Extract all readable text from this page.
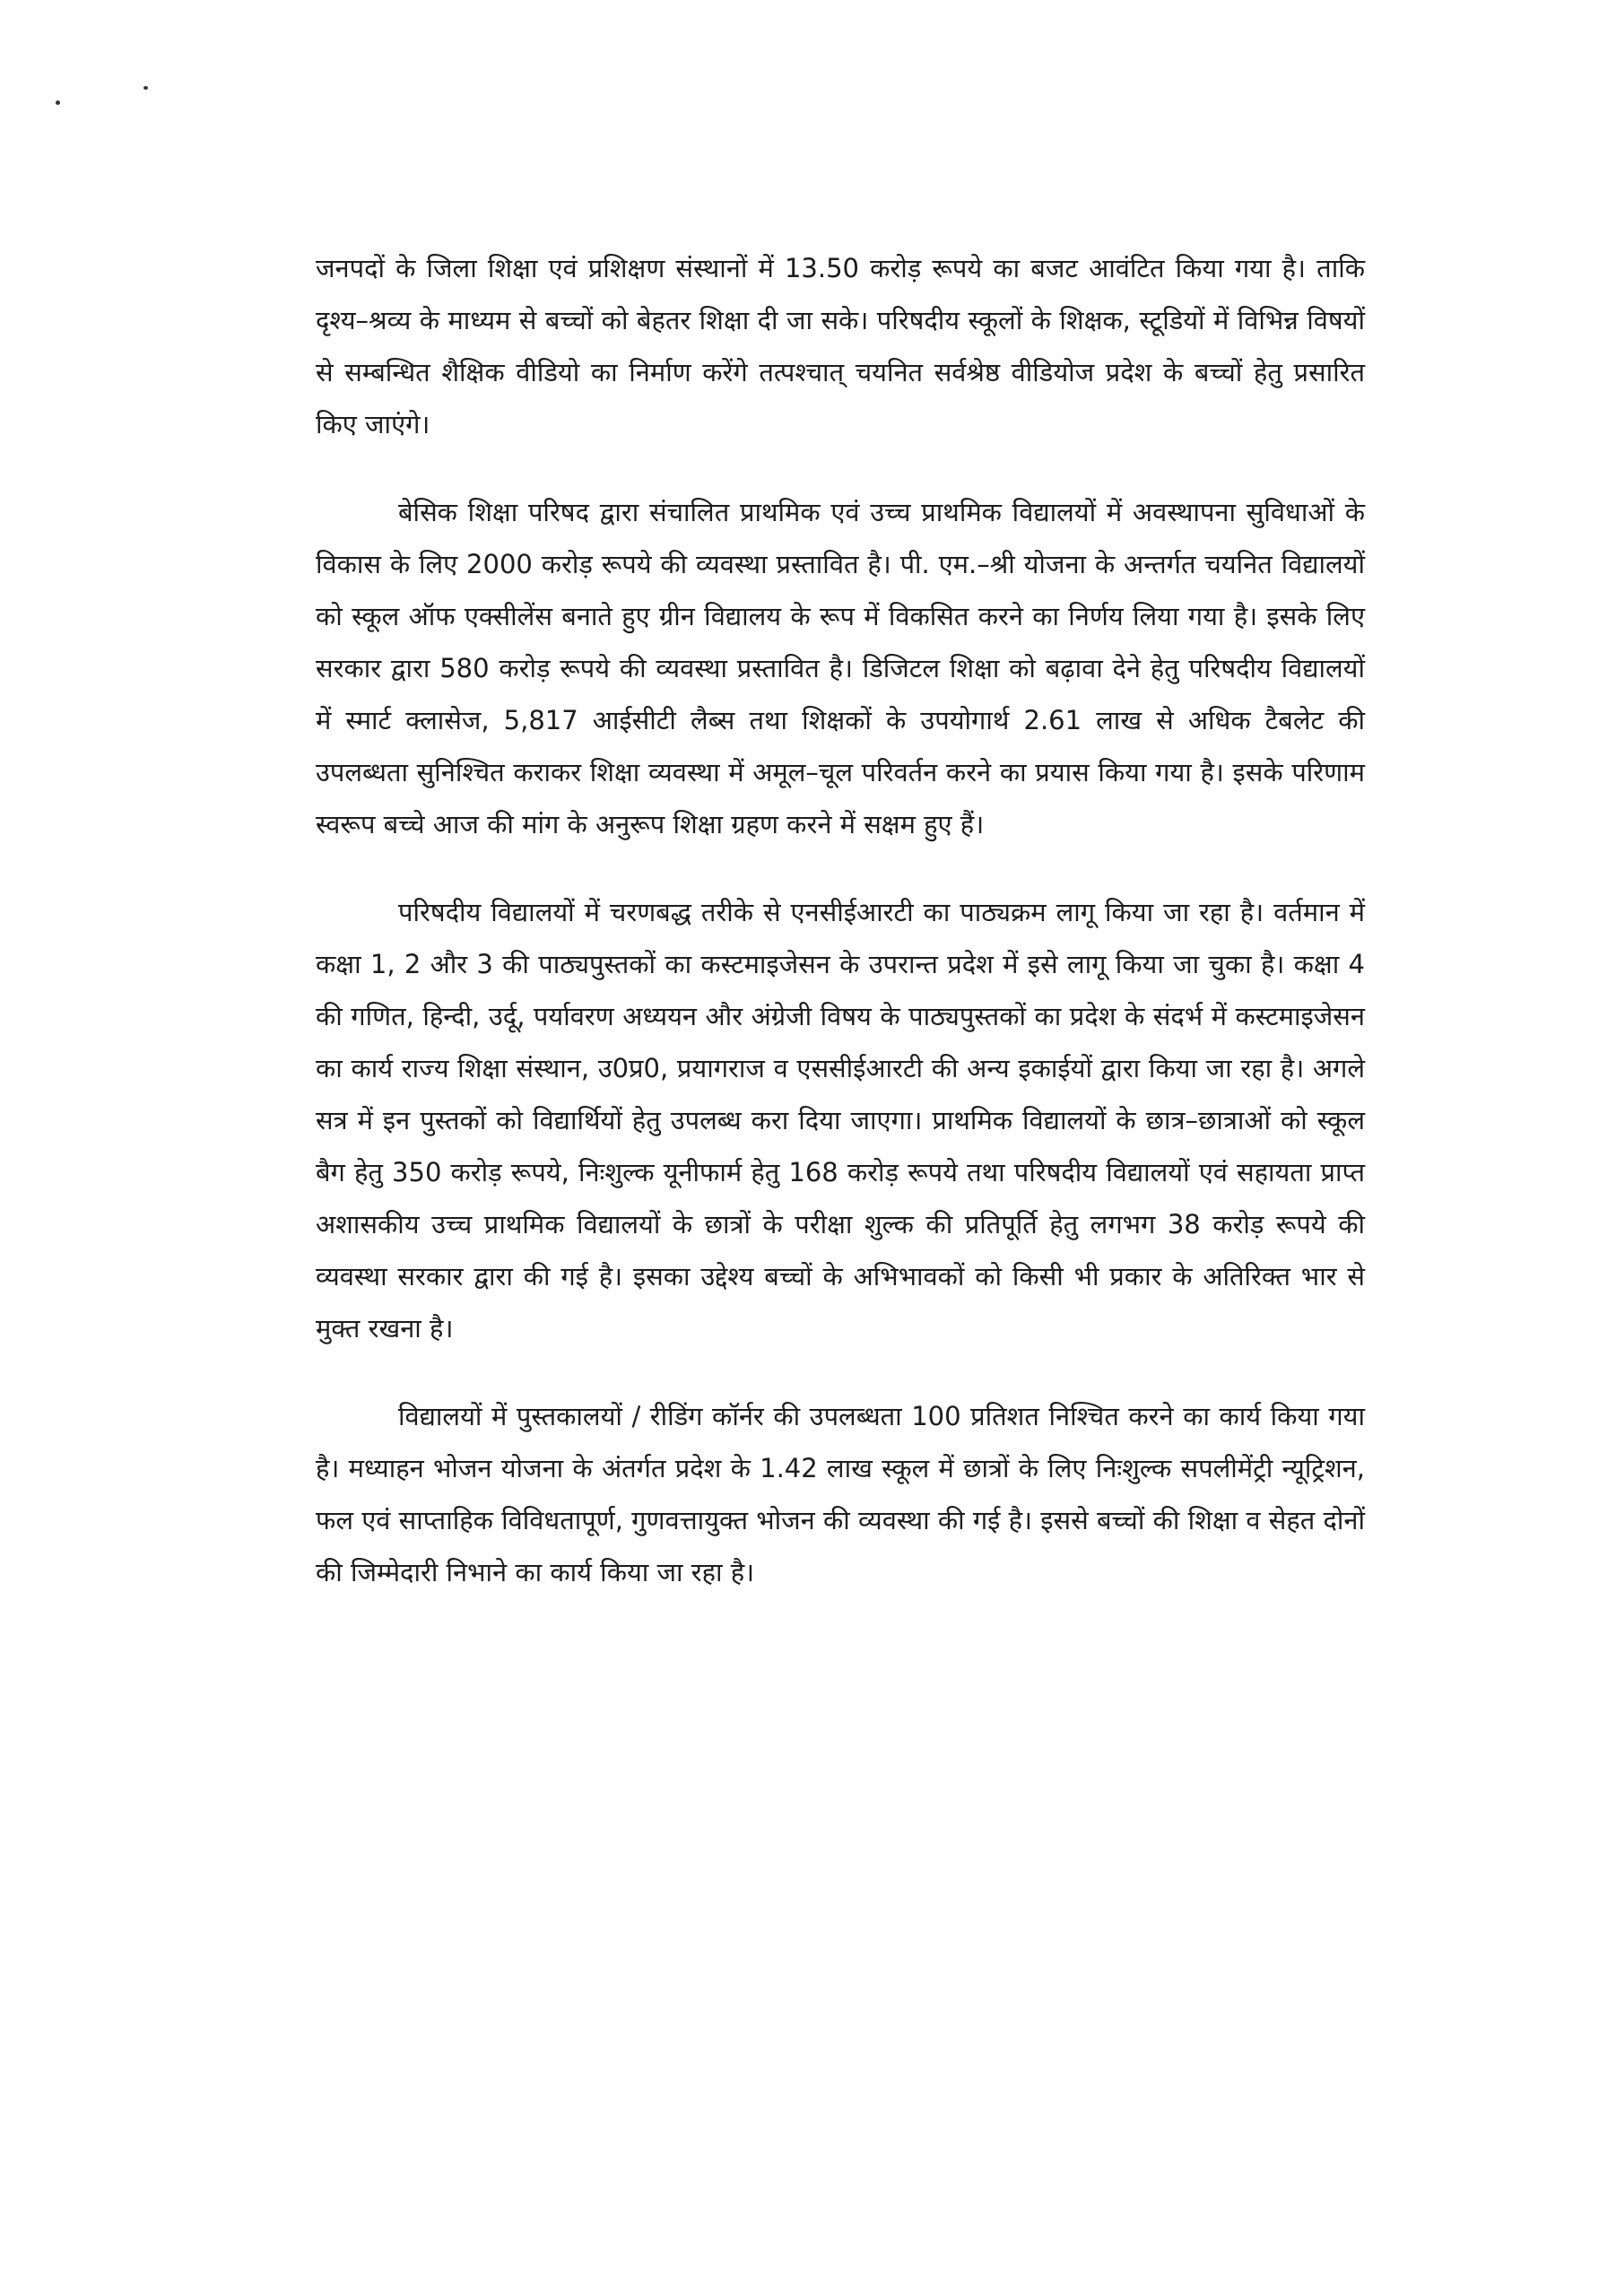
जनपदों के जिला शिक्षा एवं प्रशिक्षण संस्थानों में 13.50 करोड़ रूपये का बजट आवंटित किया गया है। ताकि दृश्य–श्रव्य के माध्यम से बच्चों को बेहतर शिक्षा दी जा सके। परिषदीय स्कूलों के शिक्षक, स्टूडियों में विभिन्न विषयों से सम्बन्धित शैक्षिक वीडियो का निर्माण करेंगे तत्पश्चात् चयनित सर्वश्रेष्ठ वीडियोज प्रदेश के बच्चों हेतु प्रसारित किए जाएंगे।

बेसिक शिक्षा परिषद द्वारा संचालित प्राथमिक एवं उच्च प्राथमिक विद्यालयों में अवस्थापना सुविधाओं के विकास के लिए 2000 करोड़ रूपये की व्यवस्था प्रस्तावित है। पी. एम.–श्री योजना के अन्तर्गत चयनित विद्यालयों को स्कूल ऑफ एक्सीलेंस बनाते हुए ग्रीन विद्यालय के रूप में विकसित करने का निर्णय लिया गया है। इसके लिए सरकार द्वारा 580 करोड़ रूपये की व्यवस्था प्रस्तावित है। डिजिटल शिक्षा को बढ़ावा देने हेतु परिषदीय विद्यालयों में स्मार्ट क्लासेज, 5,817 आईसीटी लैब्स तथा शिक्षकों के उपयोगार्थ 2.61 लाख से अधिक टैबलेट की उपलब्धता सुनिश्चित कराकर शिक्षा व्यवस्था में अमूल–चूल परिवर्तन करने का प्रयास किया गया है। इसके परिणाम स्वरूप बच्चे आज की मांग के अनुरूप शिक्षा ग्रहण करने में सक्षम हुए हैं।

परिषदीय विद्यालयों में चरणबद्ध तरीके से एनसीईआरटी का पाठ्यक्रम लागू किया जा रहा है। वर्तमान में कक्षा 1, 2 और 3 की पाठ्यपुस्तकों का कस्टमाइजेसन के उपरान्त प्रदेश में इसे लागू किया जा चुका है। कक्षा 4 की गणित, हिन्दी, उर्दू, पर्यावरण अध्ययन और अंग्रेजी विषय के पाठ्यपुस्तकों का प्रदेश के संदर्भ में कस्टमाइजेसन का कार्य राज्य शिक्षा संस्थान, उ0प्र0, प्रयागराज व एससीईआरटी की अन्य इकाईयों द्वारा किया जा रहा है। अगले सत्र में इन पुस्तकों को विद्यार्थियों हेतु उपलब्ध करा दिया जाएगा। प्राथमिक विद्यालयों के छात्र–छात्राओं को स्कूल बैग हेतु 350 करोड़ रूपये, निःशुल्क यूनीफार्म हेतु 168 करोड़ रूपये तथा परिषदीय विद्यालयों एवं सहायता प्राप्त अशासकीय उच्च प्राथमिक विद्यालयों के छात्रों के परीक्षा शुल्क की प्रतिपूर्ति हेतु लगभग 38 करोड़ रूपये की व्यवस्था सरकार द्वारा की गई है। इसका उद्देश्य बच्चों के अभिभावकों को किसी भी प्रकार के अतिरिक्त भार से मुक्त रखना है।

विद्यालयों में पुस्तकालयों / रीडिंग कॉर्नर की उपलब्धता 100 प्रतिशत निश्चित करने का कार्य किया गया है। मध्याहन भोजन योजना के अंतर्गत प्रदेश के 1.42 लाख स्कूल में छात्रों के लिए निःशुल्क सपलीमेंट्री न्यूट्रिशन, फल एवं साप्ताहिक विविधतापूर्ण, गुणवत्तायुक्त भोजन की व्यवस्था की गई है। इससे बच्चों की शिक्षा व सेहत दोनों की जिम्मेदारी निभाने का कार्य किया जा रहा है।
